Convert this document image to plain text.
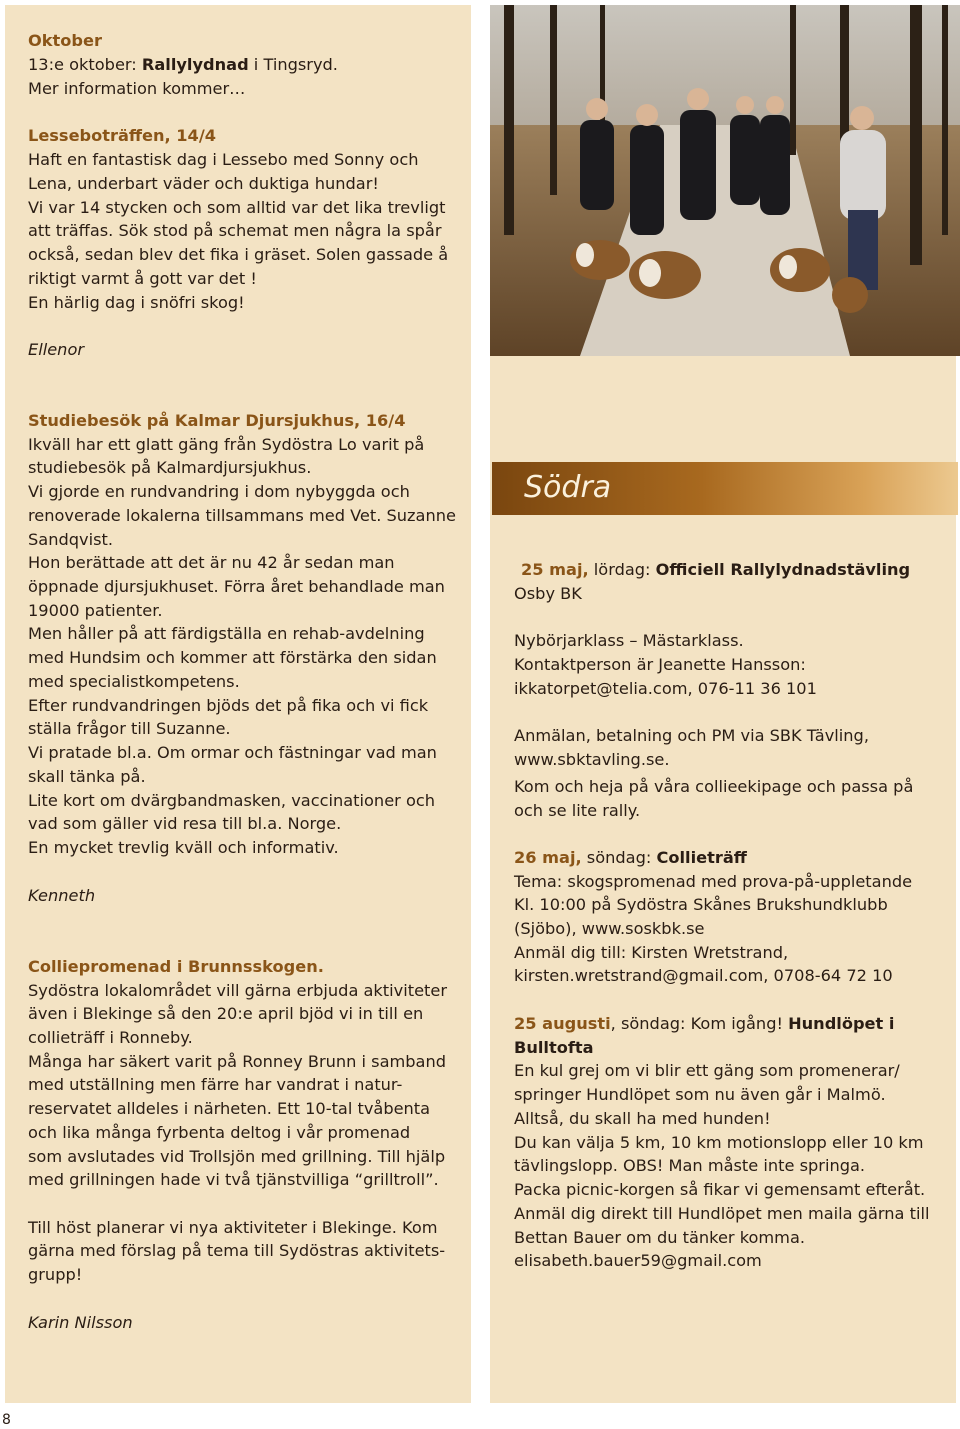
Oktober
13:e oktober: Rallylydnad i Tingsryd.
Mer information kommer…
Lesseboträffen, 14/4
Haft en fantastisk dag i Lessebo med Sonny och
Lena, underbart väder och duktiga hundar!
Vi var 14 stycken och som alltid var det lika trevligt
att träffas. Sök stod på schemat men några la spår
också, sedan blev det fika i gräset. Solen gassade å
riktigt varmt å gott var det !
En härlig dag i snöfri skog!
Ellenor
Studiebesök på Kalmar Djursjukhus, 16/4
Ikväll har ett glatt gäng från Sydöstra Lo varit på
studiebesök på Kalmardjursjukhus.
Vi gjorde en rundvandring i dom nybyggda och
renoverade lokalerna tillsammans med Vet. Suzanne
Sandqvist.
Hon berättade att det är nu 42 år sedan man
öppnade djursjukhuset. Förra året behandlade man
19000 patienter.
Men håller på att färdigställa en rehab-avdelning
med Hundsim och kommer att förstärka den sidan
med specialistkompetens.
Efter rundvandringen bjöds det på fika och vi fick
ställa frågor till Suzanne.
Vi pratade bl.a. Om ormar och fästningar vad man
skall tänka på.
Lite kort om dvärgbandmasken, vaccinationer och
vad som gäller vid resa till bl.a. Norge.
En mycket trevlig kväll och informativ.
Kenneth
Colliepromenad i Brunnsskogen.
Sydöstra lokalområdet vill gärna erbjuda aktiviteter
även i Blekinge så den 20:e april bjöd vi in till en
collieträff i Ronneby.
Många har säkert varit på Ronney Brunn i samband
med utställning men färre har vandrat i natur-
reservatet alldeles i närheten. Ett 10-tal tvåbenta
och lika många fyrbenta deltog i vår promenad
som avslutades vid Trollsjön med grillning. Till hjälp
med grillningen hade vi två tjänstvilliga “grilltroll”.
Till höst planerar vi nya aktiviteter i Blekinge. Kom
gärna med förslag på tema till Sydöstras aktivitets-
grupp!
Karin Nilsson
Södra
25 maj, lördag: Officiell Rallylydnadstävling
Osby BK
Nybörjarklass – Mästarklass.
Kontaktperson är Jeanette Hansson:
ikkatorpet@telia.com, 076-11 36 101
Anmälan, betalning och PM via SBK Tävling,
www.sbktavling.se.
Kom och heja på våra collieekipage och passa på
och se lite rally.
26 maj, söndag: Collieträff
Tema: skogspromenad med prova-på-uppletande
Kl. 10:00 på Sydöstra Skånes Brukshundklubb
(Sjöbo), www.soskbk.se
Anmäl dig till: Kirsten Wretstrand,
kirsten.wretstrand@gmail.com, 0708-64 72 10
25 augusti, söndag: Kom igång! Hundlöpet i
Bulltofta
En kul grej om vi blir ett gäng som promenerar/
springer Hundlöpet som nu även går i Malmö.
Alltså, du skall ha med hunden!
Du kan välja 5 km, 10 km motionslopp eller 10 km
tävlingslopp. OBS! Man måste inte springa.
Packa picnic-korgen så fikar vi gemensamt efteråt.
Anmäl dig direkt till Hundlöpet men maila gärna till
Bettan Bauer om du tänker komma.
elisabeth.bauer59@gmail.com
8
